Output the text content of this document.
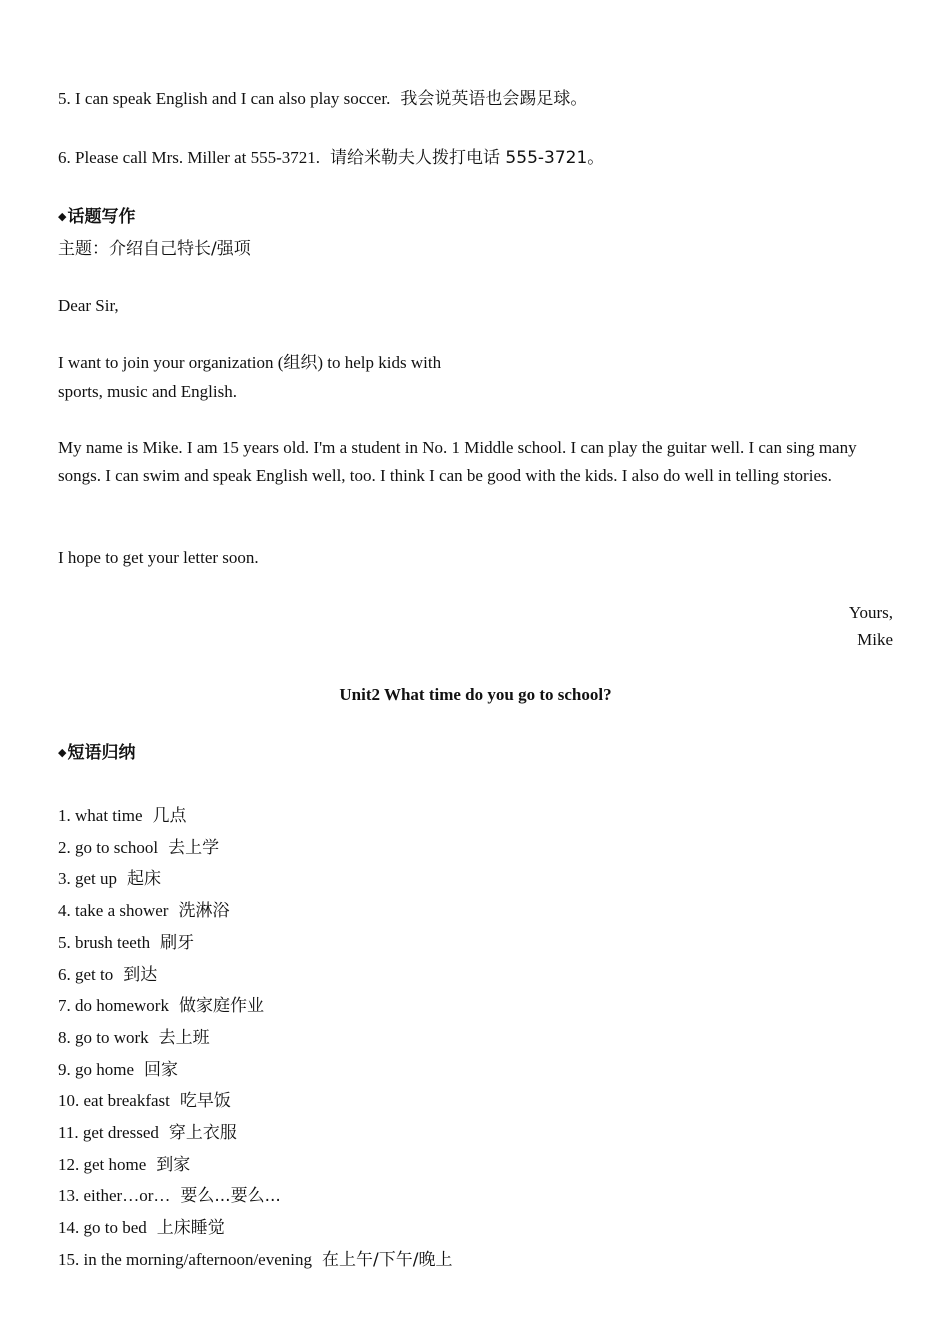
5. I can speak English and I can also play soccer. 我会说英语也会踢足球。
6. Please call Mrs. Miller at 555-3721. 请给米勒夫人拨打电话 555-3721。
◆话题写作
主题：介绍自己特长/强项
Dear Sir,
I want to join your organization (组织) to help kids with
sports, music and English.
My name is Mike. I am 15 years old. I'm a student in No. 1 Middle school. I can play the guitar well. I can sing many songs. I can swim and speak English well, too. I think I can be good with the kids. I also do well in telling stories.
I hope to get your letter soon.
Yours,
Mike
Unit2 What time do you go to school?
◆短语归纳
1. what time 几点
2. go to school 去上学
3. get up 起床
4. take a shower 洗淋浴
5. brush teeth 刷牙
6. get to 到达
7. do homework 做家庭作业
8. go to work 去上班
9. go home 回家
10. eat breakfast 吃早饭
11. get dressed 穿上衣服
12. get home 到家
13. either…or… 要么...要么...
14. go to bed 上床睡觉
15. in the morning/afternoon/evening 在上午/下午/晚上
